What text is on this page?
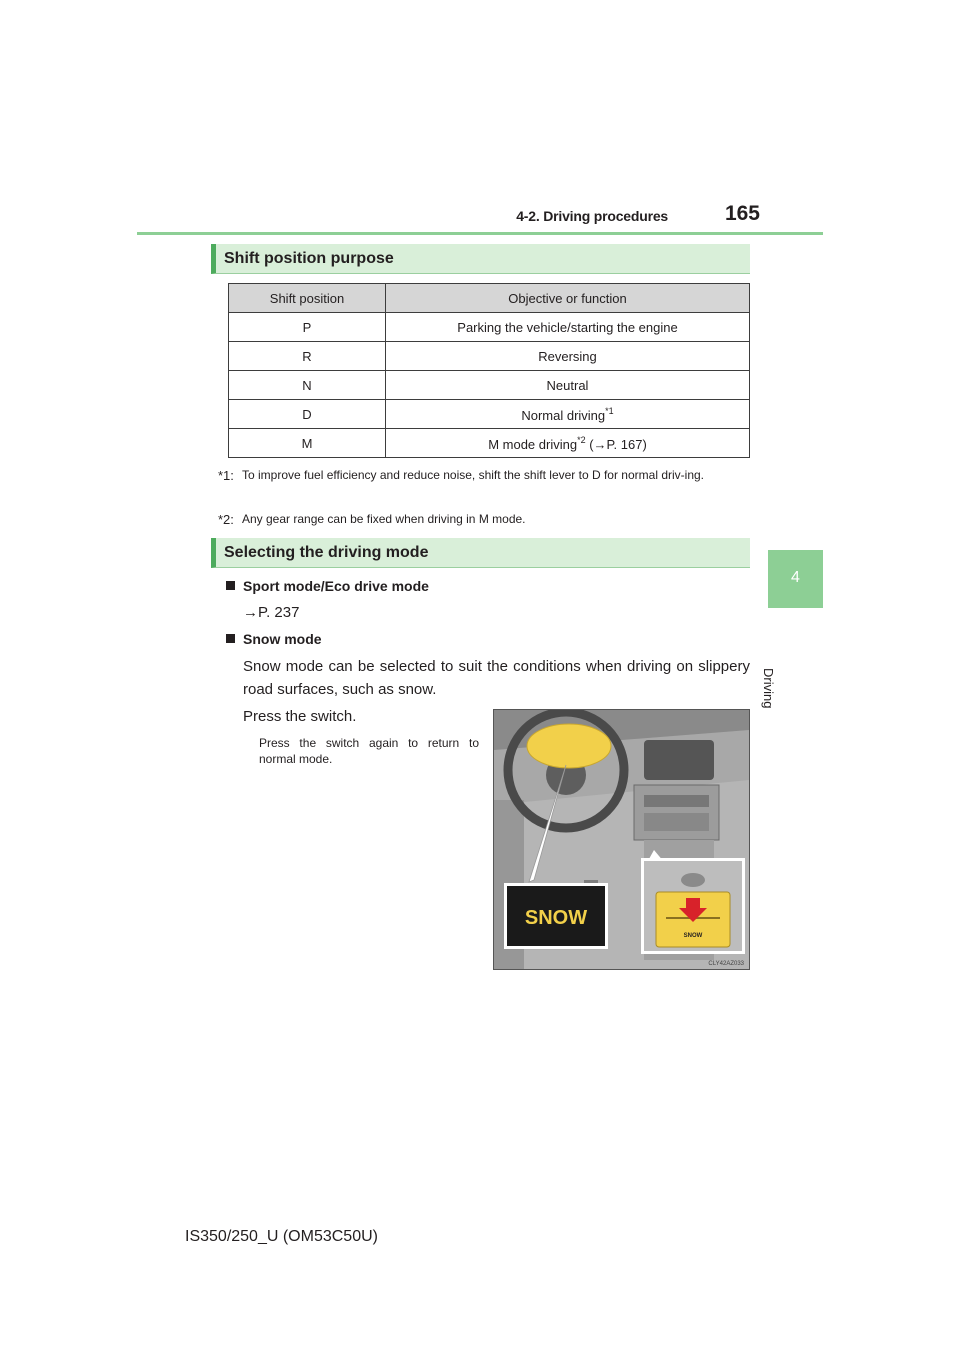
4-2. Driving procedures	165
4
Driving
Shift position purpose
Shift position	Objective or function
P	Parking the vehicle/starting the engine
R	Reversing
N	Neutral
D	Normal driving$^{*1}$
M	M mode driving$^{*2}$ (→P. 167)
*1: To improve fuel efficiency and reduce noise, shift the shift lever to D for normal driv-ing.
*2: Any gear range can be fixed when driving in M mode.
Selecting the driving mode
Sport mode/Eco drive mode
→P. 237
Snow mode
Snow mode can be selected to suit the conditions when driving on slippery road surfaces, such as snow.
Press the switch.
Press the switch again to return to normal mode.
SNOW
SNOW
CLY42AZ033
IS350/250_U (OM53C50U)
